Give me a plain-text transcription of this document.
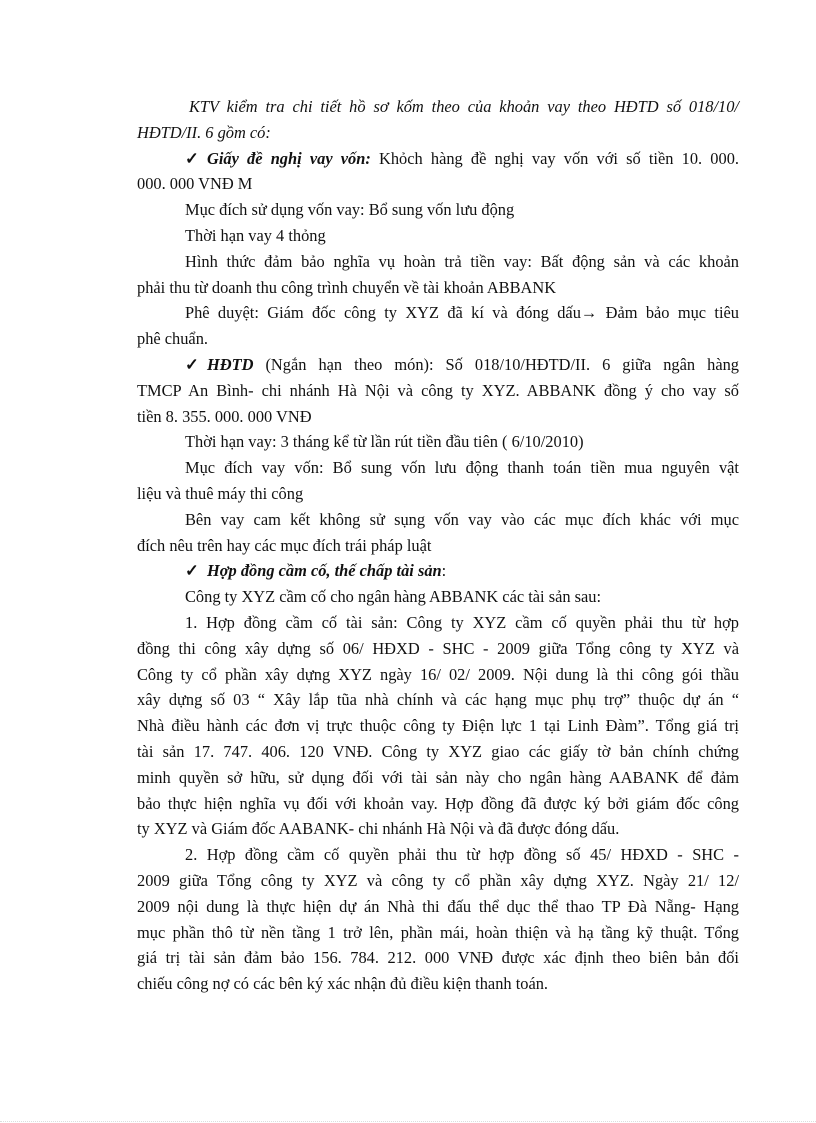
KTV kiểm tra chi tiết hồ sơ kốm theo của khoản vay theo HĐTD số 018/10/
HĐTD/II. 6 gồm có:
✓ Giấy đề nghị vay vốn: Khỏch hàng đề nghị vay vốn với số tiền 10. 000.
000. 000 VNĐ M
Mục đích sử dụng vốn vay: Bổ sung vốn lưu động
Thời hạn vay 4 thỏng
Hình thức đảm bảo nghĩa vụ hoàn trả tiền vay: Bất động sản và các khoản
phải thu từ doanh thu công trình chuyển về tài khoản ABBANK
Phê duyệt: Giám đốc công ty XYZ đã kí và đóng dấu→ Đảm bảo mục tiêu
phê chuẩn.
✓ HĐTD (Ngắn hạn theo món): Số 018/10/HĐTD/II. 6 giữa ngân hàng
TMCP An Bình- chi nhánh Hà Nội và công ty XYZ. ABBANK đồng ý cho vay số
tiền 8. 355. 000. 000 VNĐ
Thời hạn vay: 3 tháng kể từ lần rút tiền đầu tiên ( 6/10/2010)
Mục đích vay vốn: Bổ sung vốn lưu động thanh toán tiền mua nguyên vật
liệu và thuê máy thi công
Bên vay cam kết không sử sụng vốn vay vào các mục đích khác với mục
đích nêu trên hay các mục đích trái pháp luật
✓ Hợp đồng cầm cố, thế chấp tài sản:
Công ty XYZ cầm cố cho ngân hàng ABBANK các tài sản sau:
1. Hợp đồng cầm cố tài sản: Công ty XYZ cầm cố quyền phải thu từ hợp
đồng thi công xây dựng số 06/ HĐXD - SHC - 2009 giữa Tổng công ty XYZ và
Công ty cổ phần xây dựng XYZ ngày 16/ 02/ 2009. Nội dung là thi công gói thầu
xây dựng số 03 “ Xây lắp tũa nhà chính và các hạng mục phụ trợ” thuộc dự án “
Nhà điều hành các đơn vị trực thuộc công ty Điện lực 1 tại Linh Đàm”. Tổng giá trị
tài sản 17. 747. 406. 120 VNĐ. Công ty XYZ giao các giấy tờ bản chính chứng
minh quyền sở hữu, sử dụng đối với tài sản này cho ngân hàng AABANK để đảm
bảo thực hiện nghĩa vụ đối với khoản vay. Hợp đồng đã được ký bởi giám đốc công
ty XYZ và Giám đốc AABANK- chi nhánh Hà Nội và đã được đóng dấu.
2. Hợp đồng cầm cố quyền phải thu từ hợp đồng số 45/ HĐXD - SHC -
2009 giữa Tổng công ty XYZ và công ty cổ phần xây dựng XYZ. Ngày 21/ 12/
2009 nội dung là thực hiện dự án Nhà thi đấu thể dục thể thao TP Đà Nẵng- Hạng
mục phần thô từ nền tầng 1 trở lên, phần mái, hoàn thiện và hạ tầng kỹ thuật. Tổng
giá trị tài sản đảm bảo 156. 784. 212. 000 VNĐ được xác định theo biên bản đối
chiếu công nợ có các bên ký xác nhận đủ điều kiện thanh toán.
